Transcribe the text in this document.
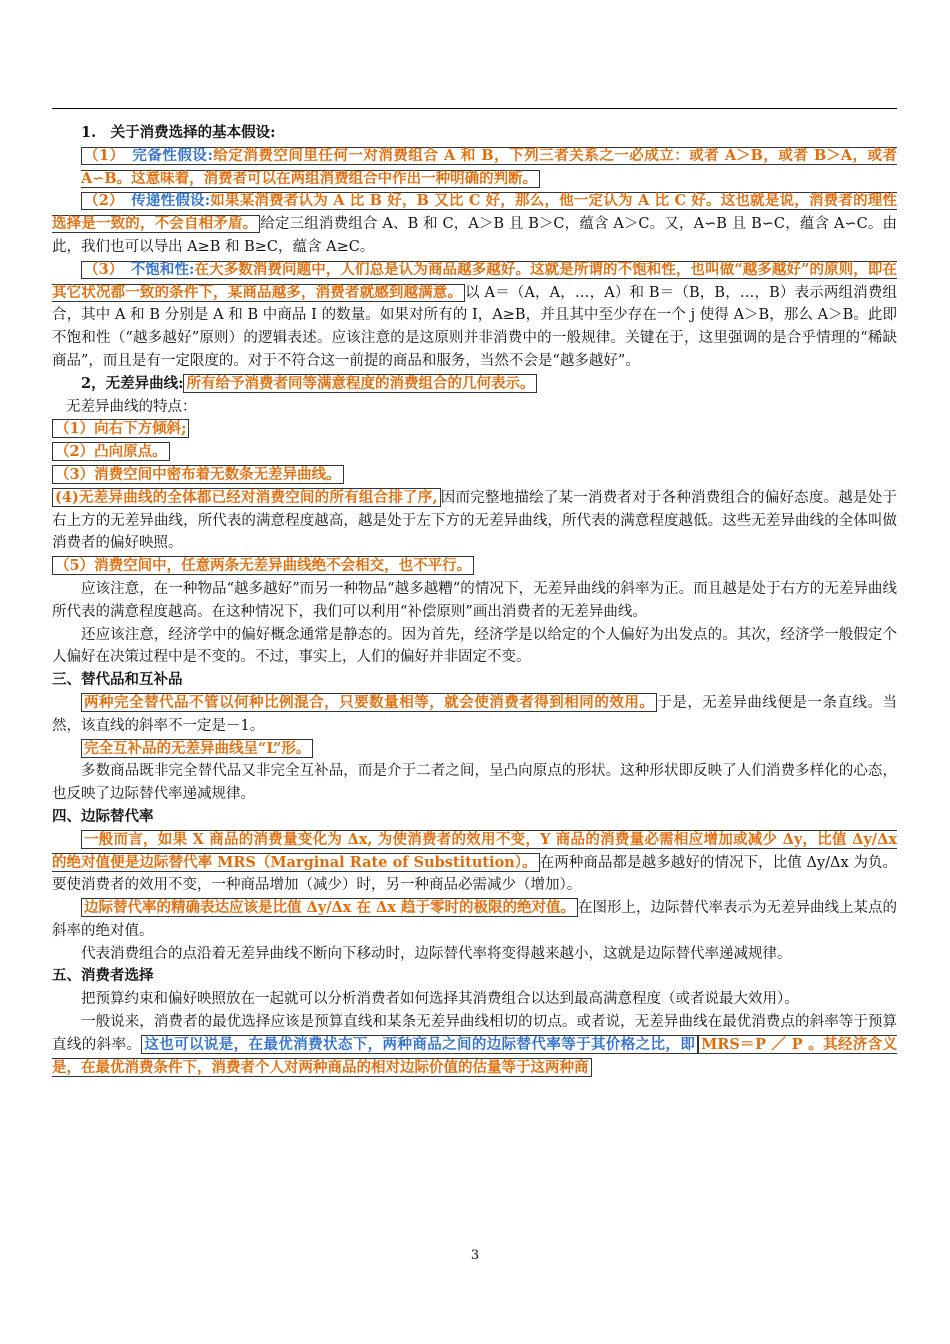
1.　关于消费选择的基本假设:

（1）　 完备性假设:给定消费空间里任何一对消费组合 A 和 B，下列三者关系之一必成立：或者 A＞B，或者 B＞A，或者 A∽B。这意味着，消费者可以在两组消费组合中作出一种明确的判断。

（2）　 传递性假设:如果某消费者认为 A 比 B 好，B 又比 C 好，那么，他一定认为 A 比 C 好。这也就是说，消费者的理性选择是一致的，不会自相矛盾。 给定三组消费组合 A、B 和 C，A＞B 且 B＞C，蕴含 A＞C。又，A∽B 且 B∽C，蕴含 A∽C。由此，我们也可以导出 A≥B 和 B≥C，蕴含 A≥C。

（3）　 不饱和性:在大多数消费问题中，人们总是认为商品越多越好。这就是所谓的不饱和性，也叫做“越多越好”的原则，即在其它状况都一致的条件下，某商品越多，消费者就感到越满意。 以 A＝（A，A，…，A）和 B＝（B，B，…，B）表示两组消费组合，其中 A 和 B 分别是 A 和 B 中商品 I 的数量。如果对所有的 I，A≥B，并且其中至少存在一个 j 使得 A＞B，那么 A＞B。此即不饱和性（“越多越好”原则）的逻辑表述。应该注意的是这原则并非消费中的一般规律。关键在于，这里强调的是合乎情理的“稀缺商品”，而且是有一定限度的。对于不符合这一前提的商品和服务，当然不会是“越多越好”。

2，无差异曲线: 所有给予消费者同等满意程度的消费组合的几何表示。

无差异曲线的特点：

（1）向右下方倾斜;

（2）凸向原点。

（3）消费空间中密布着无数条无差异曲线。

(4)无差异曲线的全体都已经对消费空间的所有组合排了序, 因而完整地描绘了某一消费者对于各种消费组合的偏好态度。越是处于右上方的无差异曲线，所代表的满意程度越高，越是处于左下方的无差异曲线，所代表的满意程度越低。这些无差异曲线的全体叫做消费者的偏好映照。

（5）消费空间中，任意两条无差异曲线绝不会相交，也不平行。

应该注意，在一种物品“越多越好”而另一种物品“越多越糟”的情况下，无差异曲线的斜率为正。而且越是处于右方的无差异曲线所代表的满意程度越高。在这种情况下，我们可以利用“补偿原则”画出消费者的无差异曲线。

还应该注意，经济学中的偏好概念通常是静态的。因为首先，经济学是以给定的个人偏好为出发点的。其次，经济学一般假定个人偏好在决策过程中是不变的。不过，事实上，人们的偏好并非固定不变。

三、替代品和互补品

两种完全替代品不管以何种比例混合，只要数量相等，就会使消费者得到相同的效用。 于是，无差异曲线便是一条直线。当然，该直线的斜率不一定是－1。

完全互补品的无差异曲线呈“L”形。

多数商品既非完全替代品又非完全互补品，而是介于二者之间，呈凸向原点的形状。这种形状即反映了人们消费多样化的心态，也反映了边际替代率递减规律。

四、边际替代率

一般而言，如果 X 商品的消费量变化为 Δx, 为使消费者的效用不变，Y 商品的消费量必需相应增加或减少 Δy，比值 Δy/Δx 的绝对值便是边际替代率 MRS（Marginal Rate of Substitution）。 在两种商品都是越多越好的情况下，比值 Δy/Δx 为负。要使消费者的效用不变，一种商品增加（减少）时，另一种商品必需减少（增加）。

边际替代率的精确表达应该是比值 Δy/Δx 在 Δx 趋于零时的极限的绝对值。 在图形上，边际替代率表示为无差异曲线上某点的斜率的绝对值。

代表消费组合的点沿着无差异曲线不断向下移动时，边际替代率将变得越来越小，这就是边际替代率递减规律。

五、消费者选择

把预算约束和偏好映照放在一起就可以分析消费者如何选择其消费组合以达到最高满意程度（或者说最大效用）。

一般说来，消费者的最优选择应该是预算直线和某条无差异曲线相切的切点。或者说，无差异曲线在最优消费点的斜率等于预算直线的斜率。 这也可以说是，在最优消费状态下，两种商品之间的边际替代率等于其价格之比，即 MRS＝P ／ P 。其经济含义是，在最优消费条件下，消费者个人对两种商品的相对边际价值的估量等于这两种商

3
